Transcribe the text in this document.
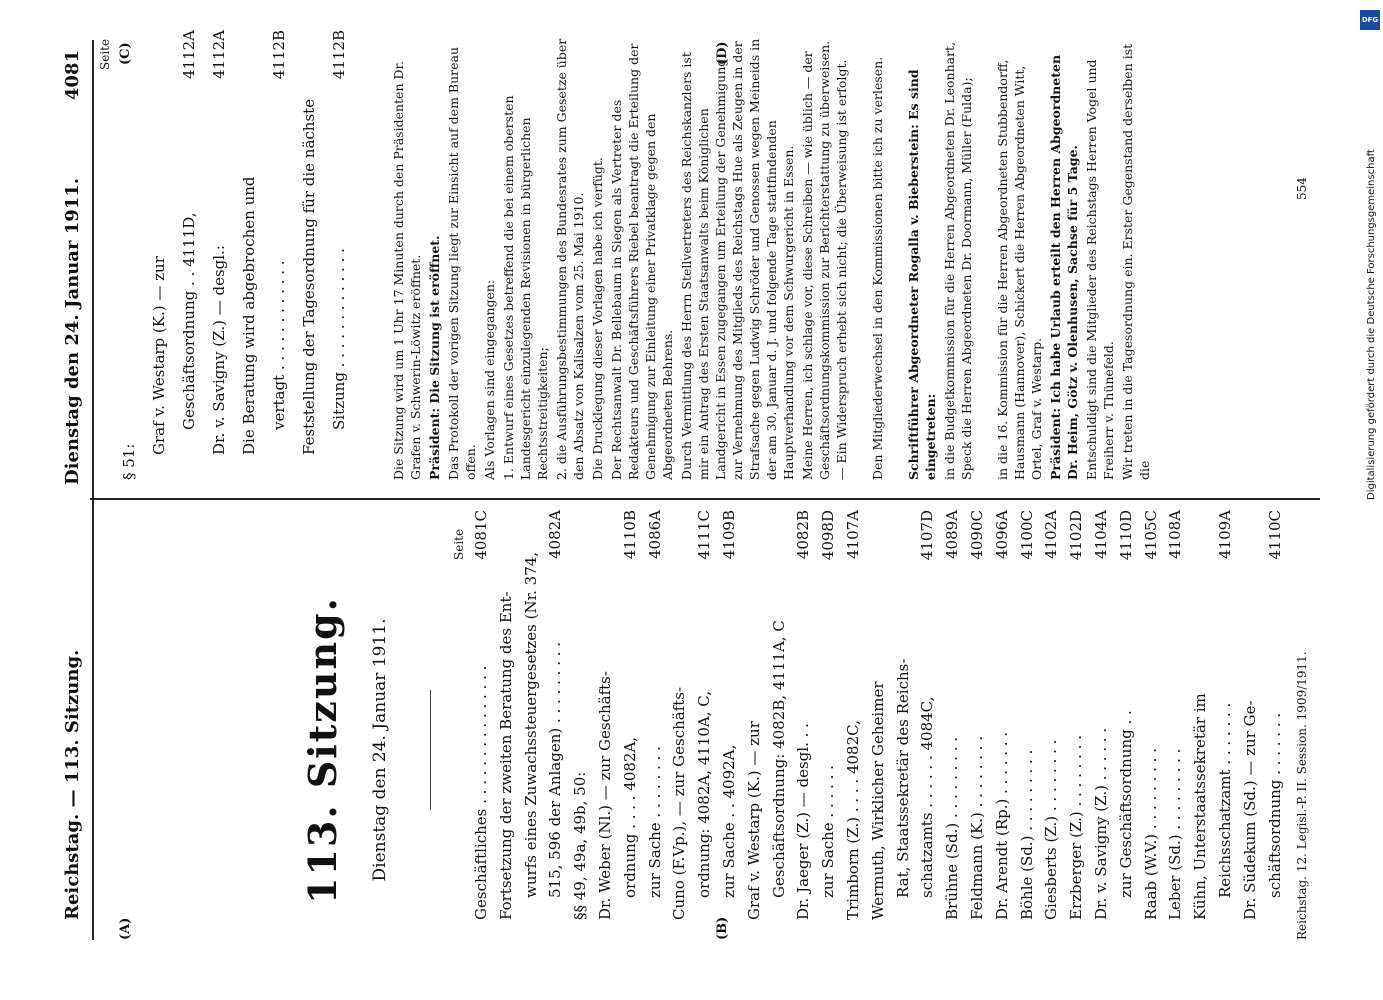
Reichstag. — 113. Sitzung.
Dienstag den 24. Januar 1911.
4081
(A)	(B)
(C)	(D)
113. Sitzung. Dienstag den 24. Januar 1911.
Seite
Geschäftliches . . . . . . . . . . . . . . .
4081C
Fortsetzung der zweiten Beratung des Ent- wurfs eines Zuwachssteuergesetzes (Nr. 374, 515, 596 der Anlagen) . . . . . . . . .
4082A
§§ 49, 49a, 49b, 50: Dr. Weber (Nl.) — zur Geschäfts- ordnung . . . . 4082A,
4110B
zur Sache . . . . . . . .
4086A
Cuno (F.Vp.), — zur Geschäfts- ordnung: 4082A, 4110A, C,
4111C
zur Sache . . 4092A,
4109B
Graf v. Westarp (K.) — zur Geschäftsordnung: 4082B, 4111A, C Dr. Jaeger (Z.) — desgl. . .
4082B
zur Sache . . . . . .
4098D
Trimborn (Z.) . . . . 4082C,
4107A
Wermuth, Wirklicher Geheimer Rat, Staatssekretär des Reichs- schatzamts . . . . . . 4084C,
4107D
Brühne (Sd.) . . . . . . . . .
4089A
Feldmann (K.) . . . . . . . .
4090C
Dr. Arendt (Rp.) . . . . . . .
4096A
Böhle (Sd.) . . . . . . . . .
4100C
Giesberts (Z.) . . . . . . . .
4102A
Erzberger (Z.) . . . . . . . .
4102D
Dr. v. Savigny (Z.) . . . . . .
4104A
zur Geschäftsordnung . .
4110D
Raab (W.V.) . . . . . . . . .
4105C
Leber (Sd.) . . . . . . . . .
4108A
Kühn, Unterstaatssekretär im Reichsschatzamt . . . . . . .
4109A
Dr. Südekum (Sd.) — zur Ge- schäftsordnung . . . . . . .
4110C
§ 51:
Graf v. Westarp (K.) — zur Geschäftsordnung . . 4111D,
4112A
Dr. v. Savigny (Z.) — desgl.:
4112A
Die Beratung wird abgebrochen und vertagt . . . . . . . . . . . .
4112B
Feststellung der Tagesordnung für die nächste Sitzung . . . . . . . . . . . . .
4112B
Seite
Die Sitzung wird um 1 Uhr 17 Minuten durch den Präsidenten Dr. Grafen v. Schwerin-Löwitz eröffnet. Präsident: Die Sitzung ist eröffnet. Das Protokoll der vorigen Sitzung liegt zur Einsicht auf dem Bureau offen. Als Vorlagen sind eingegangen: 1. Entwurf eines Gesetzes betreffend die bei einem obersten Landesgericht einzulegenden Revisionen in bürgerlichen Rechtsstreitigkeiten; 2. die Ausführungsbestimmungen des Bundesrates zum Gesetze über den Absatz von Kalisalzen vom 25. Mai 1910. Die Drucklegung dieser Vorlagen habe ich verfügt. Der Rechtsanwalt Dr. Bellebaum in Siegen als Vertreter des Redakteurs und Geschäftsführers Riebel beantragt die Erteilung der Genehmigung zur Einleitung einer Privatklage gegen den Abgeordneten Behrens. Durch Vermittlung des Herrn Stellvertreters des Reichskanzlers ist mir ein Antrag des Ersten Staatsanwalts beim Königlichen Landgericht in Essen zugegangen um Erteilung der Genehmigung zur Vernehmung des Mitglieds des Reichstags Hue als Zeugen in der Strafsache gegen Ludwig Schröder und Genossen wegen Meineids in der am 30. Januar d. J. und folgende Tage stattfindenden Hauptverhandlung vor dem Schwurgericht in Essen. Meine Herren, ich schlage vor, diese Schreiben — wie üblich — der Geschäftsordnungskommission zur Berichterstattung zu überweisen. — Ein Widerspruch erhebt sich nicht; die Überweisung ist erfolgt. Den Mitgliederwechsel in den Kommissionen bitte ich zu verlesen. Schriftführer Abgeordneter Rogalla v. Bieberstein: Es sind eingetreten: in die Budgetkommission für die Herren Abgeordneten Dr. Leonhart, Speck die Herren Abgeordneten Dr. Doormann, Müller (Fulda); in die 16. Kommission für die Herren Abgeordneten Stubbendorff, Hausmann (Hannover), Schickert die Herren Abgeordneten Witt, Ortel, Graf v. Westarp. Präsident: Ich habe Urlaub erteilt den Herren Abgeordneten Dr. Heim, Götz v. Olenhusen, Sachse für 5 Tage. Entschuldigt sind die Mitglieder des Reichstags Herren Vogel und Freiherr v. Thünefeld. Wir treten in die Tagesordnung ein. Erster Gegenstand derselben ist die
Reichstag. 12. Legisl.-P. II. Session. 1909/1911.
554
DFG
Digitalisierung gefördert durch die Deutsche Forschungsgemeinschaft
